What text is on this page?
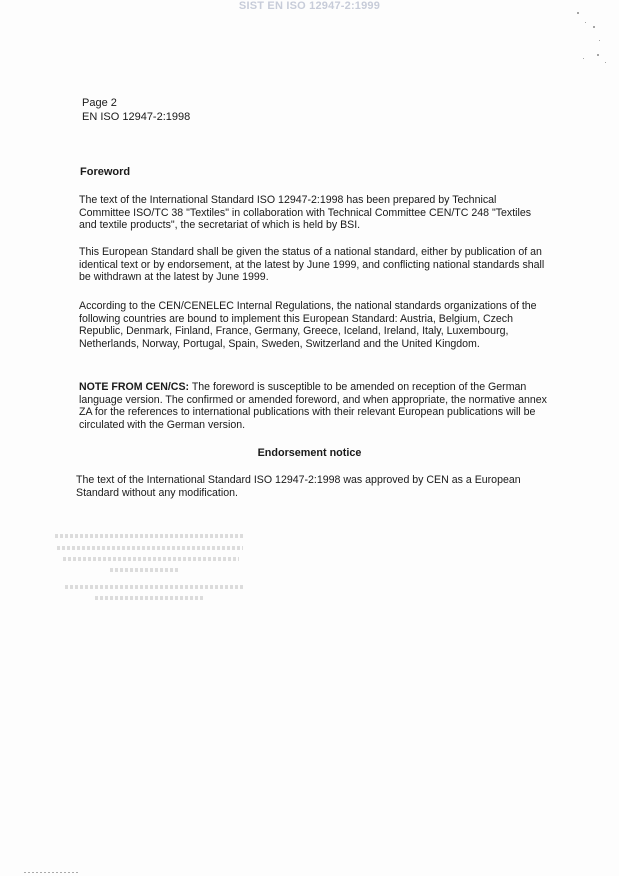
SIST EN ISO 12947-2:1999
Page 2
EN ISO 12947-2:1998
Foreword

The text of the International Standard ISO 12947-2:1998 has been prepared by Technical Committee ISO/TC 38 "Textiles" in collaboration with Technical Committee CEN/TC 248 "Textiles and textile products", the secretariat of which is held by BSI.

This European Standard shall be given the status of a national standard, either by publication of an identical text or by endorsement, at the latest by June 1999, and conflicting national standards shall be withdrawn at the latest by June 1999.

According to the CEN/CENELEC Internal Regulations, the national standards organizations of the following countries are bound to implement this European Standard: Austria, Belgium, Czech Republic, Denmark, Finland, France, Germany, Greece, Iceland, Ireland, Italy, Luxembourg, Netherlands, Norway, Portugal, Spain, Sweden, Switzerland and the United Kingdom.

NOTE FROM CEN/CS: The foreword is susceptible to be amended on reception of the German language version. The confirmed or amended foreword, and when appropriate, the normative annex ZA for the references to international publications with their relevant European publications will be circulated with the German version.

Endorsement notice

The text of the International Standard ISO 12947-2:1998 was approved by CEN as a European Standard without any modification.
